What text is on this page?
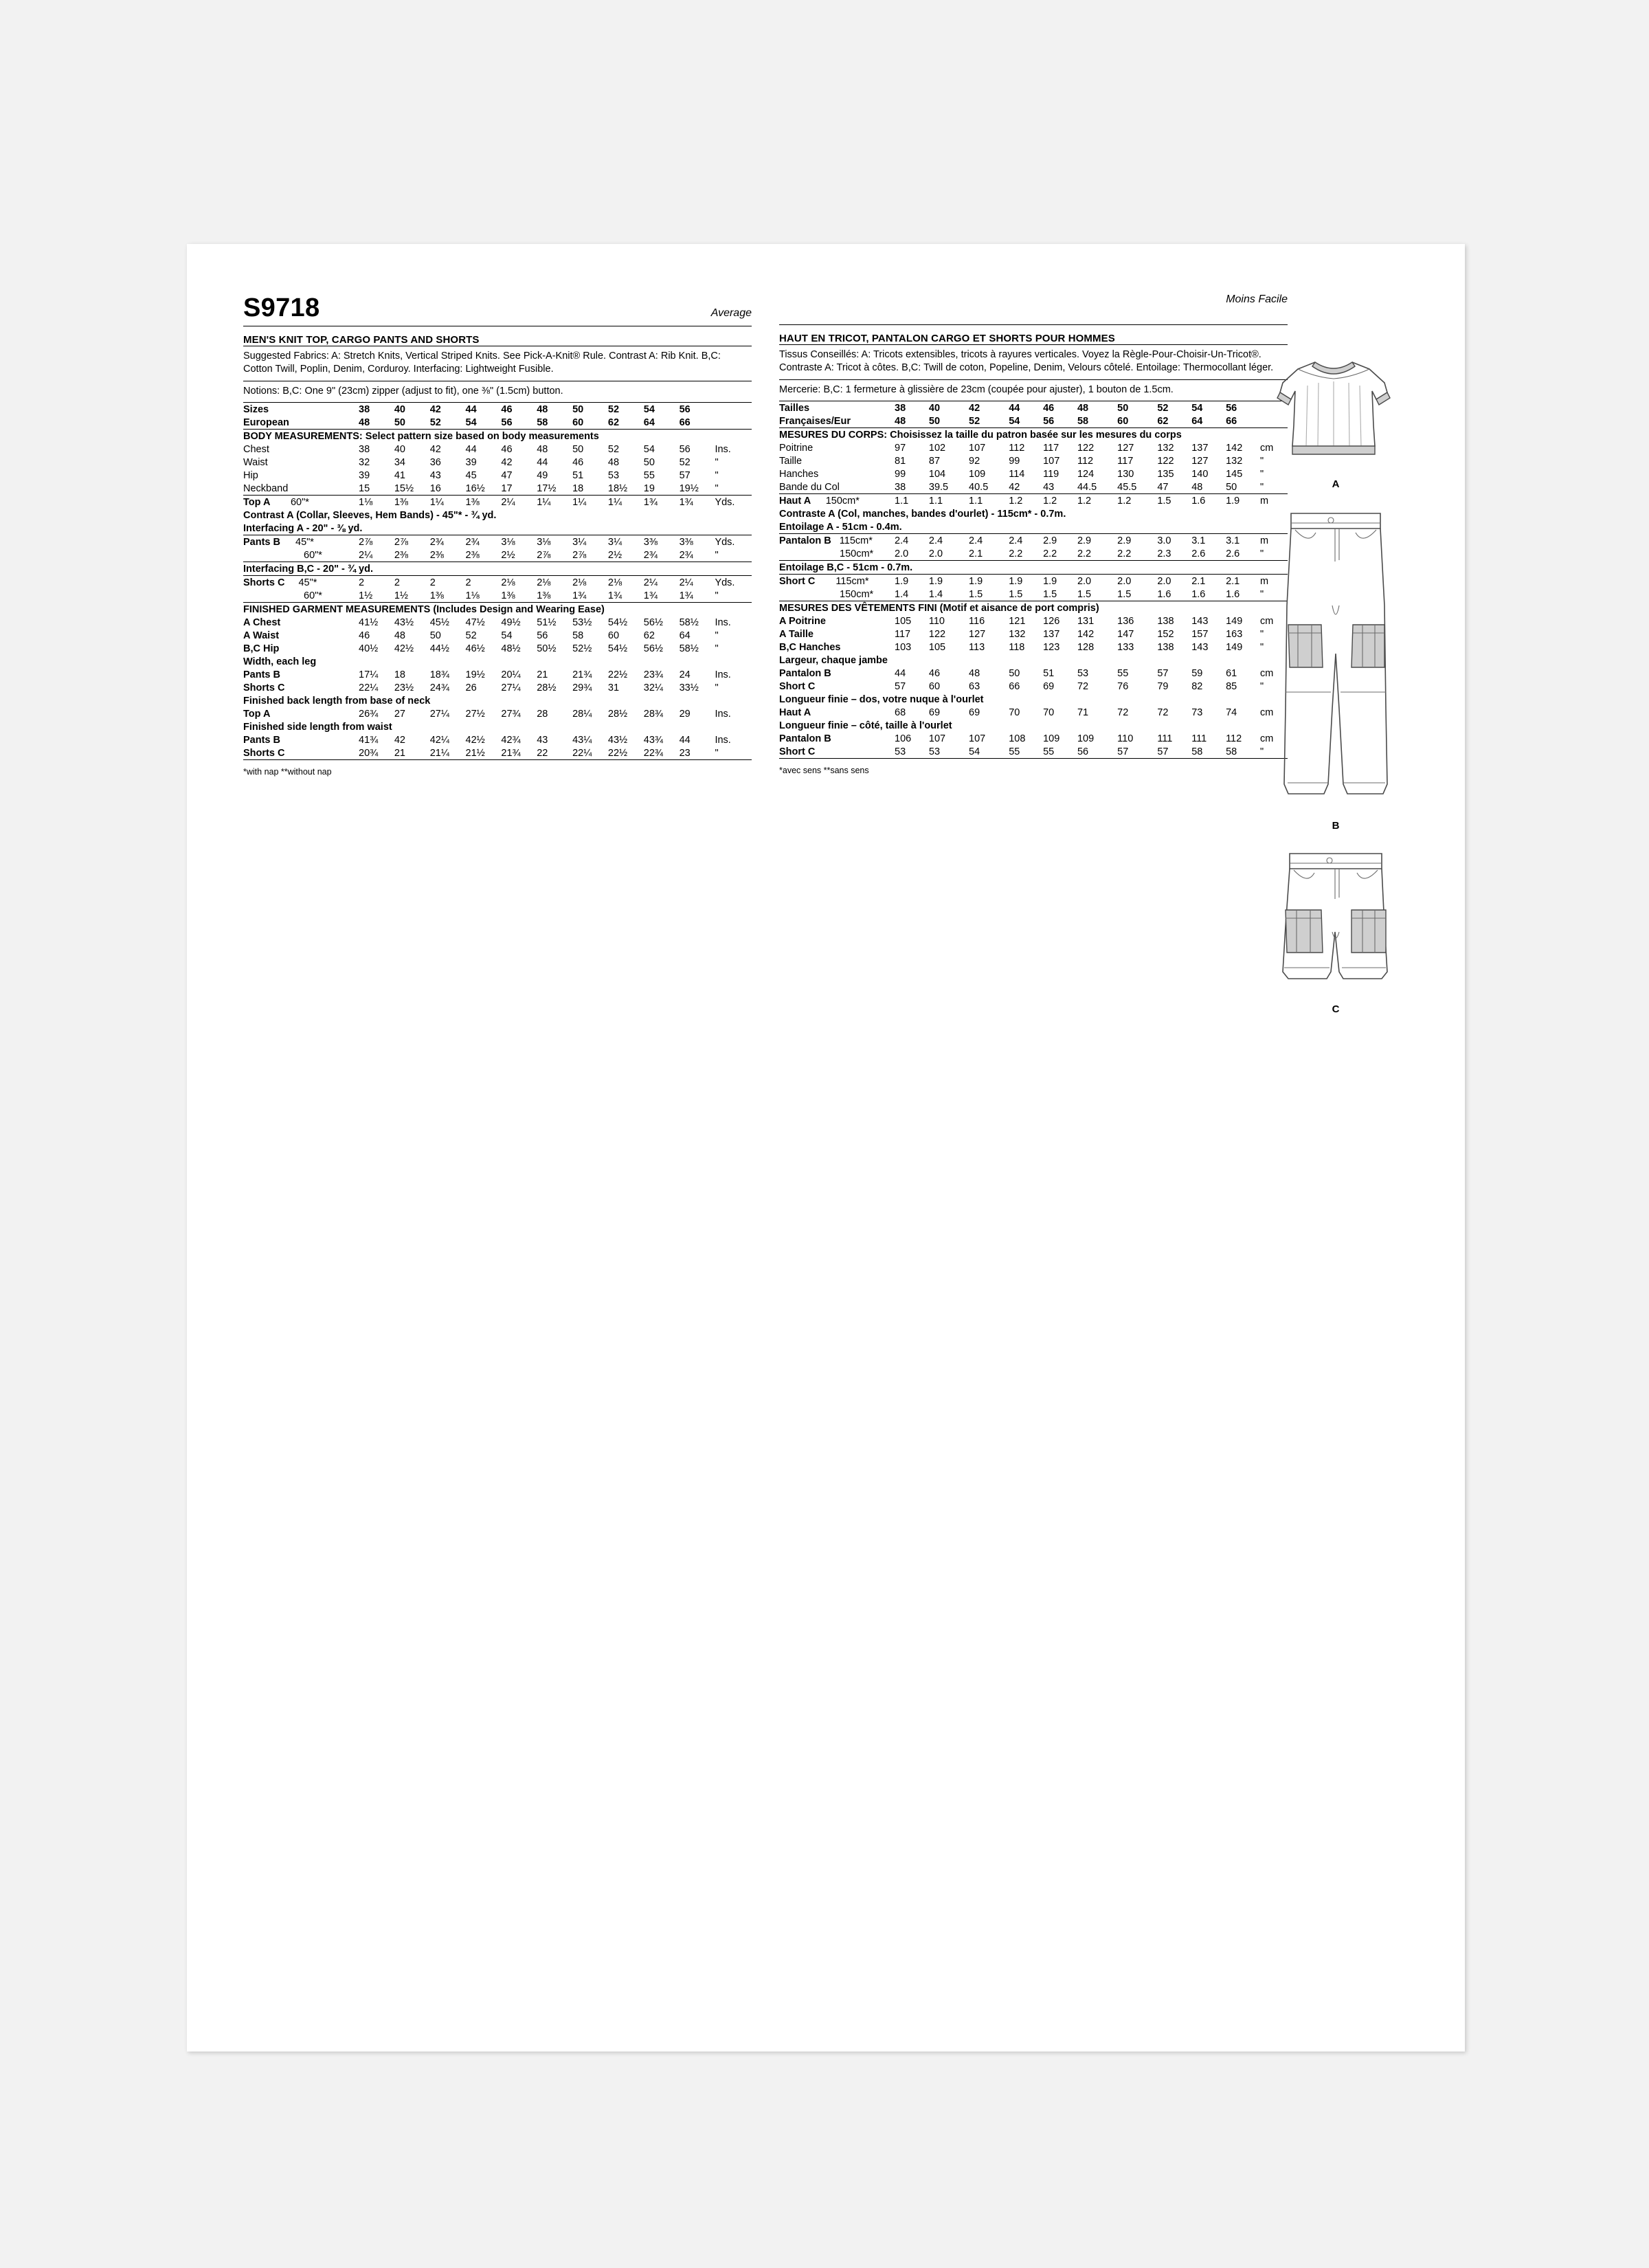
S9718	Average
MEN'S KNIT TOP, CARGO PANTS AND SHORTS

Suggested Fabrics: A: Stretch Knits, Vertical Striped Knits. See Pick-A-Knit® Rule. Contrast A: Rib Knit. B,C: Cotton Twill, Poplin, Denim, Corduroy. Interfacing: Lightweight Fusible.

Notions: B,C: One 9" (23cm) zipper (adjust to fit), one ⅜" (1.5cm) button.

Sizes	38	40	42	44	46	48	50	52	54	56	
European	48	50	52	54	56	58	60	62	64	66	

BODY MEASUREMENTS: Select pattern size based on body measurements											
Chest	38	40	42	44	46	48	50	52	54	56	Ins.
Waist	32	34	36	39	42	44	46	48	50	52	"
Hip	39	41	43	45	47	49	51	53	55	57	"
Neckband	15	15½	16	16½	17	17½	18	18½	19	19½	"

Top A 60"*	1⅛	1⅜	1¼	1⅜	2¼	1¼	1¼	1¼	1¾	1¾	Yds.
Contrast A (Collar, Sleeves, Hem Bands) - 45"* - ¾ yd.											
Interfacing A - 20" - ⅜ yd.											

Pants B 45"*	2⅞	2⅞	2¾	2¾	3⅛	3⅛	3¼	3¼	3⅜	3⅜	Yds.
60"*	2¼	2⅜	2⅜	2⅜	2½	2⅞	2⅞	2½	2¾	2¾	"

Interfacing B,C - 20" - ¾ yd.											

Shorts C 45"*	2	2	2	2	2⅛	2⅛	2⅛	2⅛	2¼	2¼	Yds.
60"*	1½	1½	1⅜	1⅛	1⅜	1⅜	1¾	1¾	1¾	1¾	"

FINISHED GARMENT MEASUREMENTS (Includes Design and Wearing Ease)											
A Chest	41½	43½	45½	47½	49½	51½	53½	54½	56½	58½	Ins.
A Waist	46	48	50	52	54	56	58	60	62	64	"
B,C Hip	40½	42½	44½	46½	48½	50½	52½	54½	56½	58½	"
Width, each leg											
Pants B	17¼	18	18¾	19½	20¼	21	21¾	22½	23¾	24	Ins.
Shorts C	22¼	23½	24¾	26	27¼	28½	29¾	31	32¼	33½	"
Finished back length from base of neck											
Top A	26¾	27	27¼	27½	27¾	28	28¼	28½	28¾	29	Ins.
Finished side length from waist											
Pants B	41¾	42	42¼	42½	42¾	43	43¼	43½	43¾	44	Ins.
Shorts C	20¾	21	21¼	21½	21¾	22	22¼	22½	22¾	23	"

*with nap **without nap
Moins Facile
HAUT EN TRICOT, PANTALON CARGO ET SHORTS POUR HOMMES

Tissus Conseillés: A: Tricots extensibles, tricots à rayures verticales. Voyez la Règle-Pour-Choisir-Un-Tricot®. Contraste A: Tricot à côtes. B,C: Twill de coton, Popeline, Denim, Velours côtelé. Entoilage: Thermocollant léger.

Mercerie: B,C: 1 fermeture à glissière de 23cm (coupée pour ajuster), 1 bouton de 1.5cm.

Tailles	38	40	42	44	46	48	50	52	54	56	
Françaises/Eur	48	50	52	54	56	58	60	62	64	66	

MESURES DU CORPS: Choisissez la taille du patron basée sur les mesures du corps											
Poitrine	97	102	107	112	117	122	127	132	137	142	cm
Taille	81	87	92	99	107	112	117	122	127	132	"
Hanches	99	104	109	114	119	124	130	135	140	145	"
Bande du Col	38	39.5	40.5	42	43	44.5	45.5	47	48	50	"

Haut A 150cm*	1.1	1.1	1.1	1.2	1.2	1.2	1.2	1.5	1.6	1.9	m
Contraste A (Col, manches, bandes d'ourlet) - 115cm* - 0.7m.											
Entoilage A - 51cm - 0.4m.											

Pantalon B 115cm*	2.4	2.4	2.4	2.4	2.9	2.9	2.9	3.0	3.1	3.1	m
150cm*	2.0	2.0	2.1	2.2	2.2	2.2	2.2	2.3	2.6	2.6	"

Entoilage B,C - 51cm - 0.7m.											

Short C 115cm*	1.9	1.9	1.9	1.9	1.9	2.0	2.0	2.0	2.1	2.1	m
150cm*	1.4	1.4	1.5	1.5	1.5	1.5	1.5	1.6	1.6	1.6	"

MESURES DES VÊTEMENTS FINI (Motif et aisance de port compris)											
A Poitrine	105	110	116	121	126	131	136	138	143	149	cm
A Taille	117	122	127	132	137	142	147	152	157	163	"
B,C Hanches	103	105	113	118	123	128	133	138	143	149	"
Largeur, chaque jambe											
Pantalon B	44	46	48	50	51	53	55	57	59	61	cm
Short C	57	60	63	66	69	72	76	79	82	85	"
Longueur finie – dos, votre nuque à l'ourlet											
Haut A	68	69	69	70	70	71	72	72	73	74	cm
Longueur finie – côté, taille à l'ourlet											
Pantalon B	106	107	107	108	109	109	110	111	111	112	cm
Short C	53	53	54	55	55	56	57	57	58	58	"

*avec sens **sans sens
A
B
C
